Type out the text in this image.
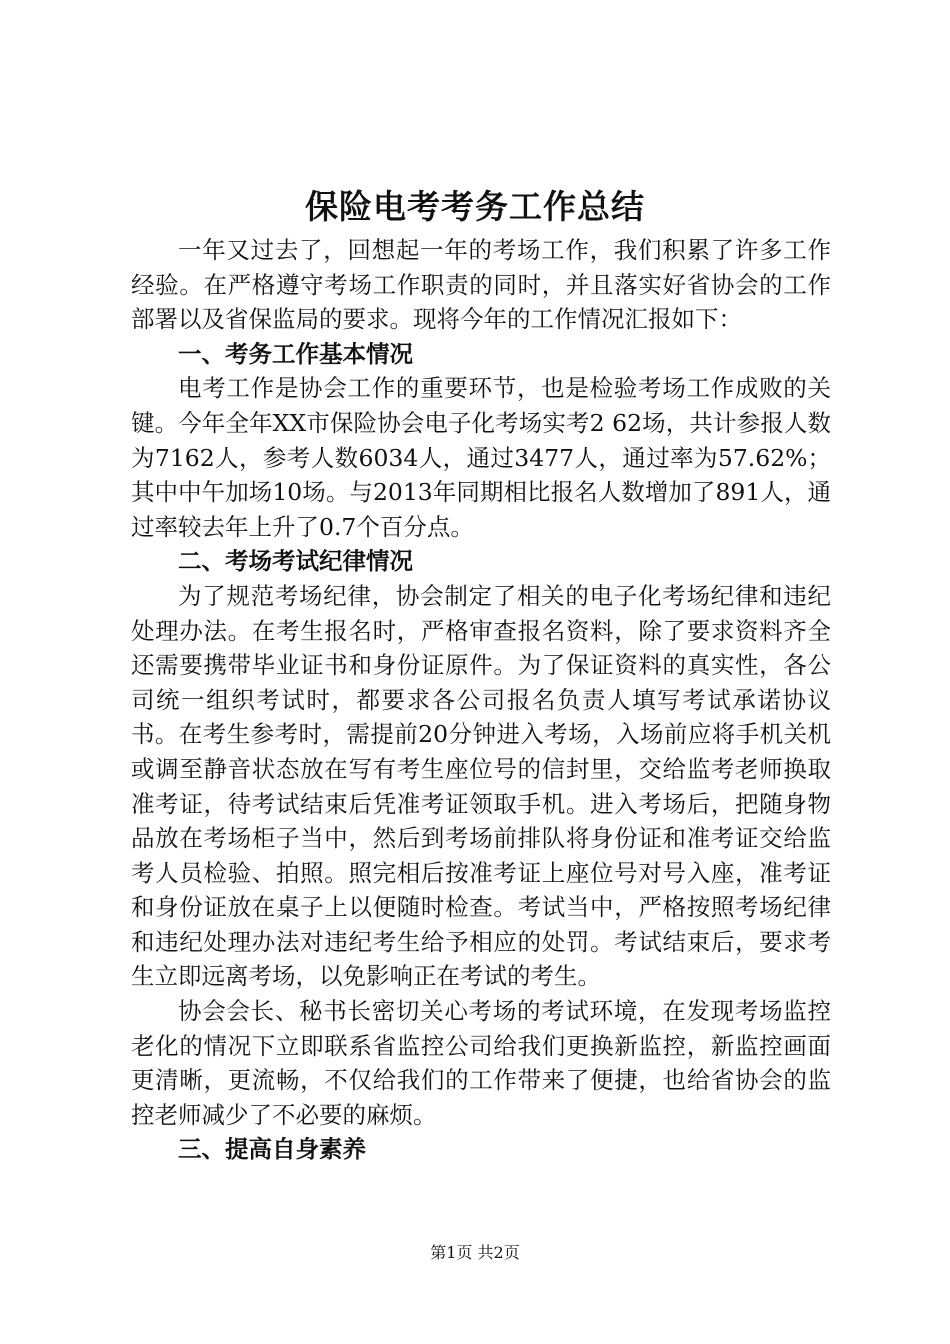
保险电考考务工作总结

一年又过去了，回想起一年的考场工作，我们积累了许多工作经验。在严格遵守考场工作职责的同时，并且落实好省协会的工作部署以及省保监局的要求。现将今年的工作情况汇报如下：

一、考务工作基本情况

电考工作是协会工作的重要环节，也是检验考场工作成败的关键。今年全年XX市保险协会电子化考场实考2 62场，共计参报人数为7162人，参考人数6034人，通过3477人，通过率为57.62%；其中中午加场10场。与2013年同期相比报名人数增加了891人，通过率较去年上升了0.7个百分点。

二、考场考试纪律情况

为了规范考场纪律，协会制定了相关的电子化考场纪律和违纪处理办法。在考生报名时，严格审查报名资料，除了要求资料齐全还需要携带毕业证书和身份证原件。为了保证资料的真实性，各公司统一组织考试时，都要求各公司报名负责人填写考试承诺协议书。在考生参考时，需提前20分钟进入考场，入场前应将手机关机或调至静音状态放在写有考生座位号的信封里，交给监考老师换取准考证，待考试结束后凭准考证领取手机。进入考场后，把随身物品放在考场柜子当中，然后到考场前排队将身份证和准考证交给监考人员检验、拍照。照完相后按准考证上座位号对号入座，准考证和身份证放在桌子上以便随时检查。考试当中，严格按照考场纪律和违纪处理办法对违纪考生给予相应的处罚。考试结束后，要求考生立即远离考场，以免影响正在考试的考生。

协会会长、秘书长密切关心考场的考试环境，在发现考场监控老化的情况下立即联系省监控公司给我们更换新监控，新监控画面更清晰，更流畅，不仅给我们的工作带来了便捷，也给省协会的监控老师减少了不必要的麻烦。

三、提高自身素养

第1页 共2页
